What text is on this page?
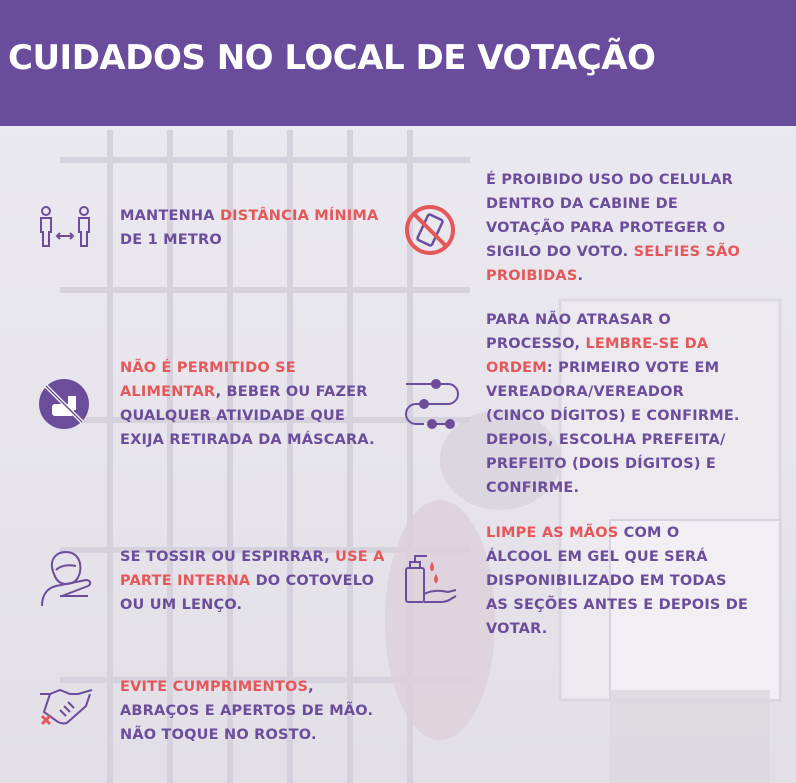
CUIDADOS NO LOCAL DE VOTAÇÃO
MANTENHA DISTÂNCIA MÍNIMA
DE 1 METRO
É PROIBIDO USO DO CELULAR
DENTRO DA CABINE DE
VOTAÇÃO PARA PROTEGER O
SIGILO DO VOTO. SELFIES SÃO
PROIBIDAS.
NÃO É PERMITIDO SE
ALIMENTAR, BEBER OU FAZER
QUALQUER ATIVIDADE QUE
EXIJA RETIRADA DA MÁSCARA.
PARA NÃO ATRASAR O
PROCESSO, LEMBRE-SE DA
ORDEM: PRIMEIRO VOTE EM
VEREADORA/VEREADOR
(CINCO DÍGITOS) E CONFIRME.
DEPOIS, ESCOLHA PREFEITA/
PREFEITO (DOIS DÍGITOS) E
CONFIRME.
SE TOSSIR OU ESPIRRAR, USE A
PARTE INTERNA DO COTOVELO
OU UM LENÇO.
LIMPE AS MÃOS COM O
ÁLCOOL EM GEL QUE SERÁ
DISPONIBILIZADO EM TODAS
AS SEÇÕES ANTES E DEPOIS DE
VOTAR.
EVITE CUMPRIMENTOS,
ABRAÇOS E APERTOS DE MÃO.
NÃO TOQUE NO ROSTO.
